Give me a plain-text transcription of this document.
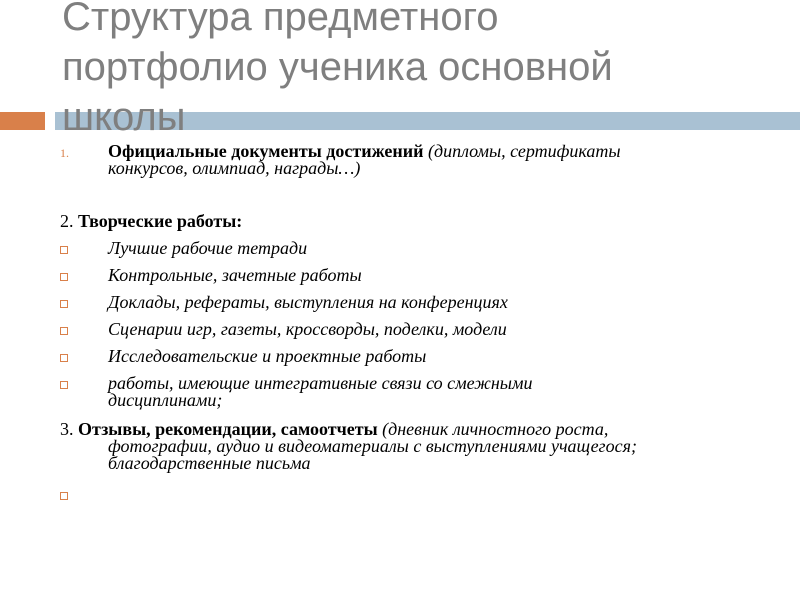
Структура предметного
портфолио ученика основной
школы
1. Официальные документы достижений (дипломы, сертификаты
конкурсов, олимпиад, награды…)
2. Творческие работы:
Лучшие рабочие тетради
Контрольные, зачетные работы
Доклады, рефераты, выступления на конференциях
Сценарии игр, газеты, кроссворды, поделки, модели
Исследовательские и проектные работы
работы, имеющие интегративные связи со смежными
дисциплинами;
3. Отзывы, рекомендации, самоотчеты (дневник личностного роста,
фотографии, аудио и видеоматериалы с выступлениями учащегося;
благодарственные письма
